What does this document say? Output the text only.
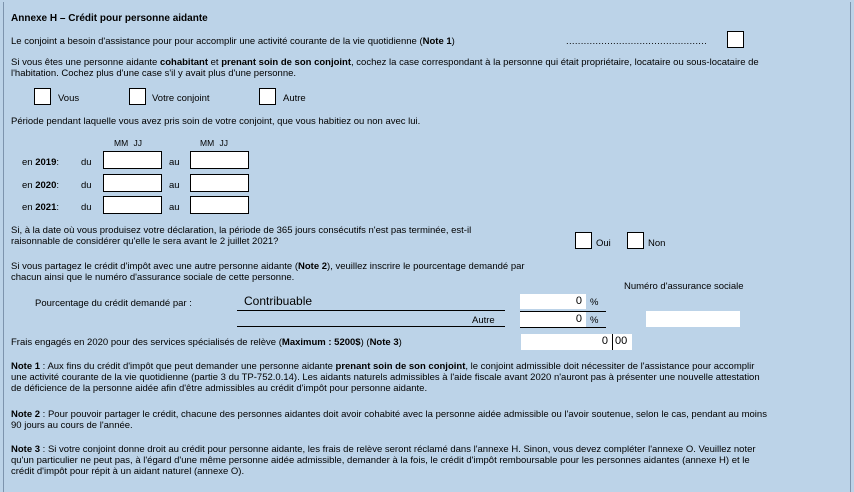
Annexe H – Crédit pour personne aidante
Le conjoint a besoin d'assistance pour pour accomplir une activité courante de la vie quotidienne (Note 1)	................................................
Si vous êtes une personne aidante cohabitant et prenant soin de son conjoint, cochez la case correspondant à la personne qui était propriétaire, locataire ou sous-locataire de l'habitation. Cochez plus d'une case s'il y avait plus d'une personne.
Vous	Votre conjoint	Autre
Période pendant laquelle vous avez pris soin de votre conjoint, que vous habitiez ou non avec lui.
MM JJ	MM JJ
en 2019: du	au
en 2020: du	au
en 2021: du	au
Si, à la date où vous produisez votre déclaration, la période de 365 jours consécutifs n'est pas terminée, est-il raisonnable de considérer qu'elle le sera avant le 2 juillet 2021?	Oui	Non
Si vous partagez le crédit d'impôt avec une autre personne aidante (Note 2), veuillez inscrire le pourcentage demandé par chacun ainsi que le numéro d'assurance sociale de cette personne.
Numéro d'assurance sociale
Pourcentage du crédit demandé par :	Contribuable	0 %
Autre	0 %
Frais engagés en 2020 pour des services spécialisés de relève (Maximum : 5200$) (Note 3)	0 00
Note 1 : Aux fins du crédit d'impôt que peut demander une personne aidante prenant soin de son conjoint, le conjoint admissible doit nécessiter de l'assistance pour accomplir une activité courante de la vie quotidienne (partie 3 du TP-752.0.14). Les aidants naturels admissibles à l'aide fiscale avant 2020 n'auront pas à présenter une nouvelle attestation de déficience de la personne aidée afin d'être admissibles au crédit d'impôt pour personne aidante.
Note 2 : Pour pouvoir partager le crédit, chacune des personnes aidantes doit avoir cohabité avec la personne aidée admissible ou l'avoir soutenue, selon le cas, pendant au moins 90 jours au cours de l'année.
Note 3 : Si votre conjoint donne droit au crédit pour personne aidante, les frais de relève seront réclamé dans l'annexe H. Sinon, vous devez compléter l'annexe O. Veuillez noter qu'un particulier ne peut pas, à l'égard d'une même personne aidée admissible, demander à la fois, le crédit d'impôt remboursable pour les personnes aidantes (annexe H) et le crédit d'impôt pour répit à un aidant naturel (annexe O).
